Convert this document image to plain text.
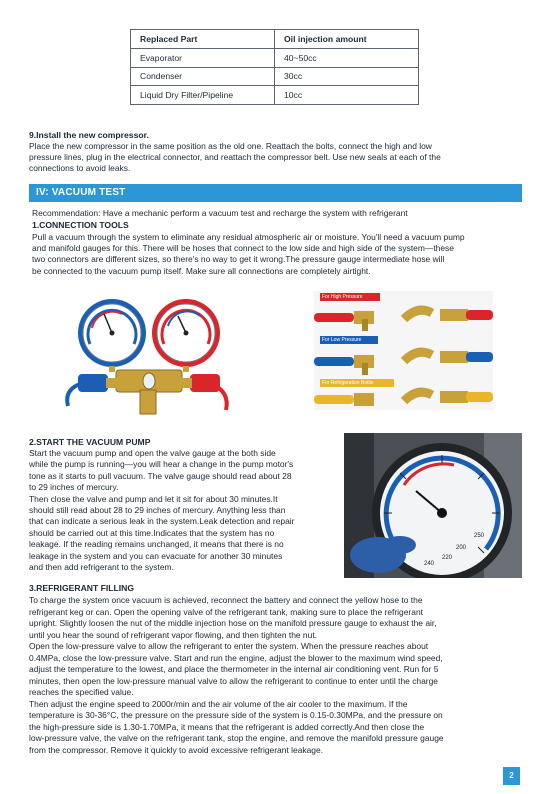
Replaced Part	Oil injection amount
Evaporator	40~50cc
Condenser	30cc
Liquid Dry Filter/Pipeline	10cc
9.Install the new compressor.
Place the new compressor in the same position as the old one. Reattach the bolts, connect the high and low
pressure lines, plug in the electrical connector, and reattach the compressor belt. Use new seals at each of the
connections to avoid leaks.
IV: VACUUM TEST
Recommendation: Have a mechanic perform a vacuum test and recharge the system with refrigerant
1.CONNECTION TOOLS
Pull a vacuum through the system to eliminate any residual atmospheric air or moisture. You'll need a vacuum pump
and manifold gauges for this. There will be hoses that connect to the low side and high side of the system—these
two connectors are different sizes, so there's no way to get it wrong.The pressure gauge intermediate hose will
be connected to the vacuum pump itself. Make sure all connections are completely airtight.
For High Pressure
For Low Pressure
For Refrigeration Bottle
2.START THE VACUUM PUMP
Start the vacuum pump and open the valve gauge at the both side
while the pump is running—you will hear a change in the pump motor's
tone as it starts to pull vacuum. The valve gauge should read about 28
to 29 inches of mercury.
Then close the valve and pump and let it sit for about 30 minutes.It
should still read about 28 to 29 inches of mercury. Anything less than
that can indicate a serious leak in the system.Leak detection and repair
should be carried out at this time.Indicates that the system has no
leakage. If the reading remains unchanged, it means that there is no
leakage in the system and you can evacuate for another 30 minutes
and then add refrigerant to the system.
200
220
240
250
3.REFRIGERANT FILLING
To charge the system once vacuum is achieved, reconnect the battery and connect the yellow hose to the
refrigerant keg or can. Open the opening valve of the refrigerant tank, making sure to place the refrigerant
upright. Slightly loosen the nut of the middle injection hose on the manifold pressure gauge to exhaust the air,
until you hear the sound of refrigerant vapor flowing, and then tighten the nut.
Open the low-pressure valve to allow the refrigerant to enter the system. When the pressure reaches about
0.4MPa, close the low-pressure valve. Start and run the engine, adjust the blower to the maximum wind speed,
adjust the temperature to the lowest, and place the thermometer in the internal air conditioning vent. Run for 5
minutes, then open the low-pressure manual valve to allow the refrigerant to continue to enter until the charge
reaches the specified value.
Then adjust the engine speed to 2000r/min and the air volume of the air cooler to the maximum. If the
temperature is 30-36°C, the pressure on the pressure side of the system is 0.15-0.30MPa, and the pressure on
the high-pressure side is 1.30-1.70MPa, it means that the refrigerant is added correctly.And then close the
low-pressure valve, the valve on the refrigerant tank, stop the engine, and remove the manifold pressure gauge
from the compressor. Remove it quickly to avoid excessive refrigerant leakage.
2
